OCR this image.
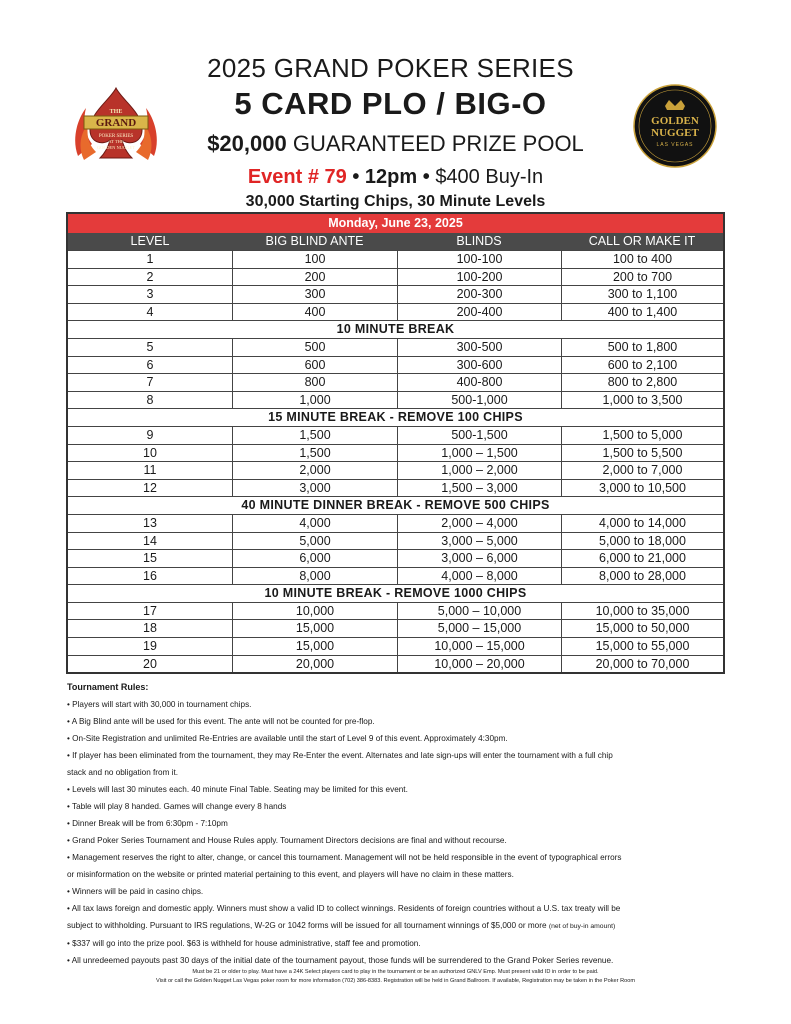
THE
GRAND
POKER SERIES
AT THE
GOLDEN NUGGET
GOLDEN
NUGGET
LAS VEGAS
2025 GRAND POKER SERIES
5 CARD PLO / BIG-O
$20,000 GUARANTEED PRIZE POOL
Event # 79 • 12pm • $400 Buy-In
30,000 Starting Chips, 30 Minute Levels
Monday, June 23, 2025
LEVEL	BIG BLIND ANTE	BLINDS	CALL OR MAKE IT
1	100	100-100	100 to 400
2	200	100-200	200 to 700
3	300	200-300	300 to 1,100
4	400	200-400	400 to 1,400
10 MINUTE BREAK
5	500	300-500	500 to 1,800
6	600	300-600	600 to 2,100
7	800	400-800	800 to 2,800
8	1,000	500-1,000	1,000 to 3,500
15 MINUTE BREAK - REMOVE 100 CHIPS
9	1,500	500-1,500	1,500 to 5,000
10	1,500	1,000 – 1,500	1,500 to 5,500
11	2,000	1,000 – 2,000	2,000 to 7,000
12	3,000	1,500 – 3,000	3,000 to 10,500
40 MINUTE DINNER BREAK - REMOVE 500 CHIPS
13	4,000	2,000 – 4,000	4,000 to 14,000
14	5,000	3,000 – 5,000	5,000 to 18,000
15	6,000	3,000 – 6,000	6,000 to 21,000
16	8,000	4,000 – 8,000	8,000 to 28,000
10 MINUTE BREAK - REMOVE 1000 CHIPS
17	10,000	5,000 – 10,000	10,000 to 35,000
18	15,000	5,000 – 15,000	15,000 to 50,000
19	15,000	10,000 – 15,000	15,000 to 55,000
20	20,000	10,000 – 20,000	20,000 to 70,000
Tournament Rules:

• Players will start with 30,000 in tournament chips.

• A Big Blind ante will be used for this event. The ante will not be counted for pre-flop.

• On-Site Registration and unlimited Re-Entries are available until the start of Level 9 of this event. Approximately 4:30pm.

• If player has been eliminated from the tournament, they may Re-Enter the event. Alternates and late sign-ups will enter the tournament with a full chip

stack and no obligation from it.

• Levels will last 30 minutes each. 40 minute Final Table. Seating may be limited for this event.

• Table will play 8 handed. Games will change every 8 hands

• Dinner Break will be from 6:30pm - 7:10pm

• Grand Poker Series Tournament and House Rules apply. Tournament Directors decisions are final and without recourse.

• Management reserves the right to alter, change, or cancel this tournament. Management will not be held responsible in the event of typographical errors

or misinformation on the website or printed material pertaining to this event, and players will have no claim in these matters.

• Winners will be paid in casino chips.

• All tax laws foreign and domestic apply. Winners must show a valid ID to collect winnings. Residents of foreign countries without a U.S. tax treaty will be

subject to withholding. Pursuant to IRS regulations, W-2G or 1042 forms will be issued for all tournament winnings of $5,000 or more (net of buy-in amount)

• $337 will go into the prize pool. $63 is withheld for house administrative, staff fee and promotion.

• All unredeemed payouts past 30 days of the initial date of the tournament payout, those funds will be surrendered to the Grand Poker Series revenue.

Must be 21 or older to play. Must have a 24K Select players card to play in the tournament or be an authorized GNLV Emp. Must present valid ID in order to be paid.
Visit or call the Golden Nugget Las Vegas poker room for more information (702) 386-8383. Registration will be held in Grand Ballroom. If available, Registration may be taken in the Poker Room
